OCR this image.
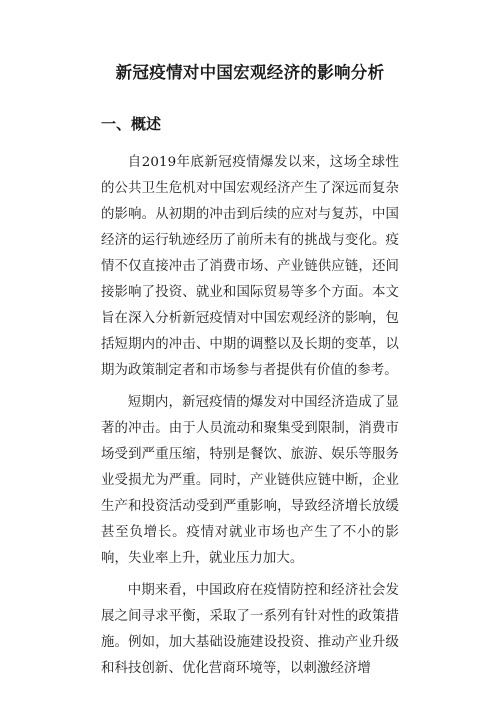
新冠疫情对中国宏观经济的影响分析
一、概述

自2019年底新冠疫情爆发以来，这场全球性的公共卫生危机对中国宏观经济产生了深远而复杂的影响。从初期的冲击到后续的应对与复苏，中国经济的运行轨迹经历了前所未有的挑战与变化。疫情不仅直接冲击了消费市场、产业链供应链，还间接影响了投资、就业和国际贸易等多个方面。本文旨在深入分析新冠疫情对中国宏观经济的影响，包括短期内的冲击、中期的调整以及长期的变革，以期为政策制定者和市场参与者提供有价值的参考。

短期内，新冠疫情的爆发对中国经济造成了显著的冲击。由于人员流动和聚集受到限制，消费市场受到严重压缩，特别是餐饮、旅游、娱乐等服务业受损尤为严重。同时，产业链供应链中断，企业生产和投资活动受到严重影响，导致经济增长放缓甚至负增长。疫情对就业市场也产生了不小的影响，失业率上升，就业压力加大。

中期来看，中国政府在疫情防控和经济社会发展之间寻求平衡，采取了一系列有针对性的政策措施。例如，加大基础设施建设投资、推动产业升级和科技创新、优化营商环境等，以刺激经济增
